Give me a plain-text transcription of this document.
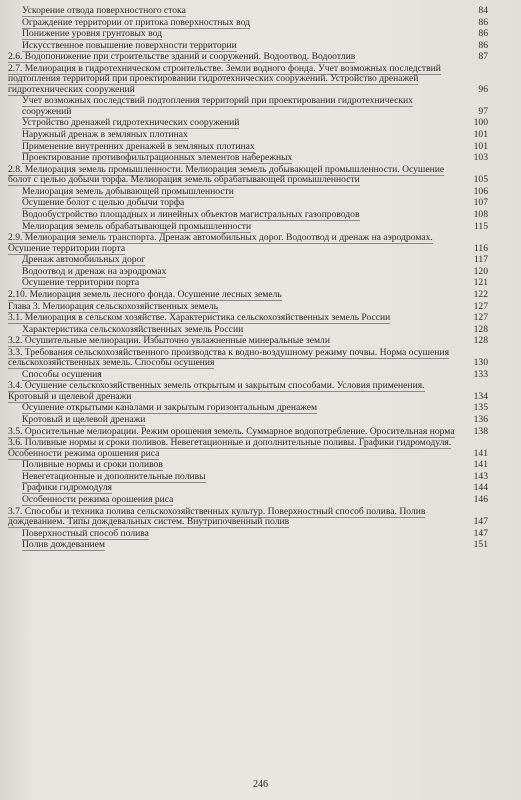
Ускорение отвода поверхностного стока	84
Ограждение территории от притока поверхностных вод	86
Понижение уровня грунтовых вод	86
Искусственное повышение поверхности территории	86
2.6. Водопонижение при строительстве зданий и сооружений. Водоотвод. Водоотлив	87
2.7. Мелиорация в гидротехническом строительстве. Земли водного фонда. Учет возможных последствий подтопления территорий при проектировании гидротехнических сооружений. Устройство дренажей гидротехнических сооружений	96
Учет возможных последствий подтопления территорий при проектировании гидротехнических сооружений	97
Устройство дренажей гидротехнических сооружений	100
Наружный дренаж в земляных плотинах	101
Применение внутренних дренажей в земляных плотинах	101
Проектирование противофильтрационных элементов набережных	103
2.8. Мелиорация земель промышленности. Мелиорация земель добывающей промышленности. Осушение болот с целью добычи торфа. Мелиорация земель обрабатывающей промышленности	105
Мелиорация земель добывающей промышленности	106
Осушение болот с целью добычи торфа	107
Водообустройство площадных и линейных объектов магистральных газопроводов	108
Мелиорация земель обрабатывающей промышленности	115
2.9. Мелиорация земель транспорта. Дренаж автомобильных дорог. Водоотвод и дренаж на аэродромах. Осушение территории порта	116
Дренаж автомобильных дорог	117
Водоотвод и дренаж на аэродромах	120
Осушение территории порта	121
2.10. Мелиорация земель лесного фонда. Осушение лесных земель	122
Глава 3. Мелиорация сельскохозяйственных земель	127
3.1. Мелиорация в сельском хозяйстве. Характеристика сельскохозяйственных земель России	127
Характеристика сельскохозяйственных земель России	128
3.2. Осушительные мелиорации. Избыточно увлажненные минеральные земли	128
3.3. Требования сельскохозяйственного производства к водно-воздушному режиму почвы. Норма осушения сельскохозяйственных земель. Способы осушения	130
Способы осушения	133
3.4. Осушение сельскохозяйственных земель открытым и закрытым способами. Условия применения. Кротовый и щелевой дренажи	134
Осушение открытыми каналами и закрытым горизонтальным дренажем	135
Кротовый и щелевой дренажи	136
3.5. Оросительные мелиорации. Режим орошения земель. Суммарное водопотребление. Оросительная норма	138
3.6. Поливные нормы и сроки поливов. Невегетационные и дополнительные поливы. Графики гидромодуля. Особенности режима орошения риса	141
Поливные нормы и сроки поливов	141
Невегетационные и дополнительные поливы	143
Графики гидромодуля	144
Особенности режима орошения риса	146
3.7. Способы и техника полива сельскохозяйственных культур. Поверхностный способ полива. Полив дождеванием. Типы дождевальных систем. Внутрипочвенный полив	147
Поверхностный способ полива	147
Полив дождеванием	151
246
